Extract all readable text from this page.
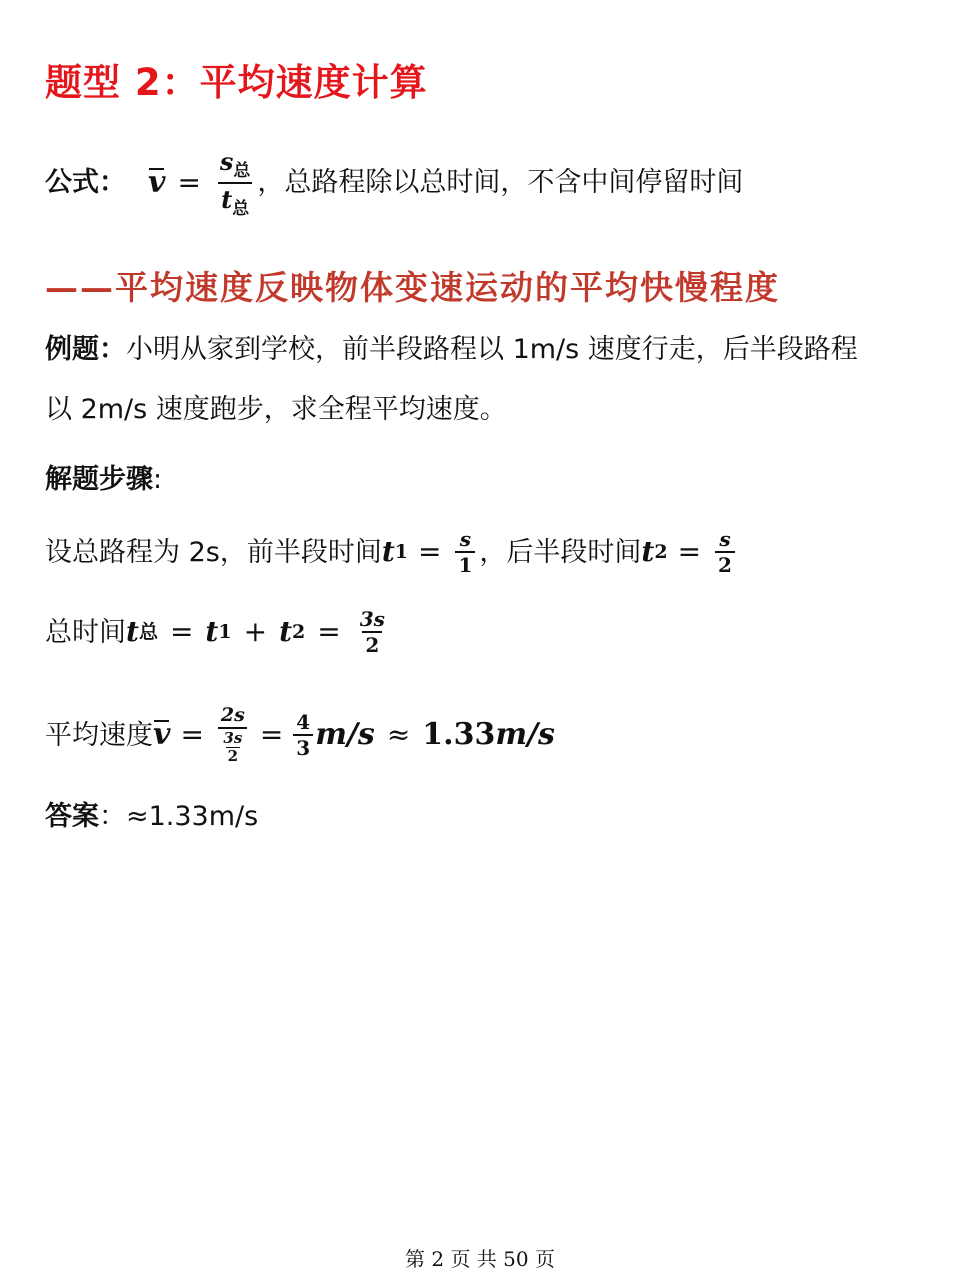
题型 2：平均速度计算
公式： $v = \frac{s_总}{t_总}$ ，总路程除以总时间，不含中间停留时间
——平均速度反映物体变速运动的平均快慢程度
例题：小明从家到学校，前半段路程以 1m/s 速度行走，后半段路程
以 2m/s 速度跑步，求全程平均速度。
解题步骤:
设总路程为 2s，前半段时间 t $1 = \frac{s}{1}$ ，后半段时间 t $2 = \frac{s}{2}$
总时间 t 总 = t 1 + t $2 = \frac{3s}{2}$
平均速度 $v = \frac{2s}{\frac{3s}{2}} = \frac{4}{3} m/s \approx 1.33$ m/s
答案：≈1.33m/s
第 2 页 共 50 页
